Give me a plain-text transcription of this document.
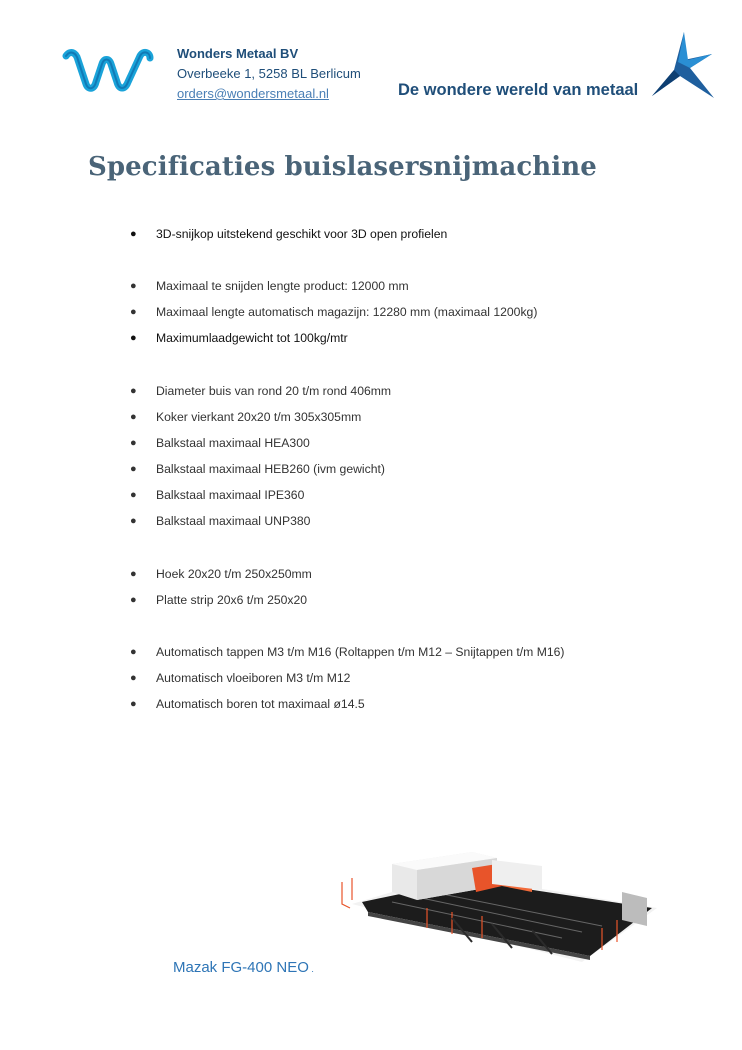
Wonders Metaal BV
Overbeeke 1, 5258 BL Berlicum
orders@wondersmetaal.nl	De wondere wereld van metaal
Specificaties buislasersnijmachine

● 3D-snijkop uitstekend geschikt voor 3D open profielen

● Maximaal te snijden lengte product: 12000 mm

● Maximaal lengte automatisch magazijn: 12280 mm (maximaal 1200kg)

● Maximumlaadgewicht tot 100kg/mtr

● Diameter buis van rond 20 t/m rond 406mm

● Koker vierkant 20x20 t/m 305x305mm

● Balkstaal maximaal HEA300

● Balkstaal maximaal HEB260 (ivm gewicht)

● Balkstaal maximaal IPE360

● Balkstaal maximaal UNP380

● Hoek 20x20 t/m 250x250mm

● Platte strip 20x6 t/m 250x20

● Automatisch tappen M3 t/m M16 (Roltappen t/m M12 – Snijtappen t/m M16)

● Automatisch vloeiboren M3 t/m M12

● Automatisch boren tot maximaal ø14.5

Mazak FG-400 NEO .
